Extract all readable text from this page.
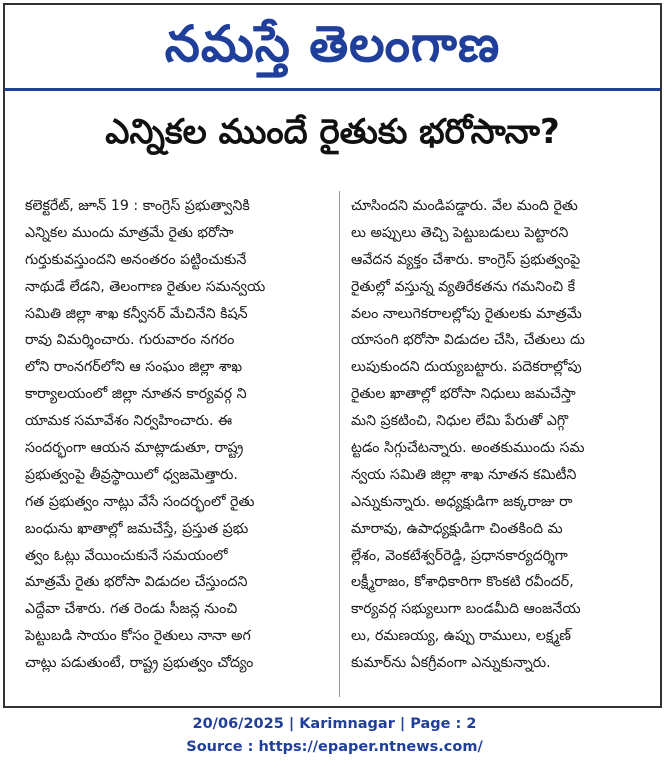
నమస్తే తెలంగాణ
ఎన్నికల ముందే రైతుకు భరోసానా?
కలెక్టరేట్, జూన్ 19 : కాంగ్రెస్ ప్రభుత్వానికి
ఎన్నికల ముందు మాత్రమే రైతు భరోసా
గుర్తుకువస్తుందని అనంతరం పట్టించుకునే
నాథుడే లేడని, తెలంగాణ రైతుల సమన్వయ
సమితి జిల్లా శాఖ కన్వీనర్ మేచినేని కిషన్
రావు విమర్శించారు. గురువారం నగరం
లోని రాంనగర్‌లోని ఆ సంఘం జిల్లా శాఖ
కార్యాలయంలో జిల్లా నూతన కార్యవర్గ ని
యామక సమావేశం నిర్వహించారు. ఈ
సందర్భంగా ఆయన మాట్లాడుతూ, రాష్ట్ర
ప్రభుత్వంపై తీవ్రస్థాయిలో ధ్వజమెత్తారు.
గత ప్రభుత్వం నాట్లు వేసే సందర్భంలో రైతు
బంధును ఖాతాల్లో జమచేస్తే, ప్రస్తుత ప్రభు
త్వం ఓట్లు వేయించుకునే సమయంలో
మాత్రమే రైతు భరోసా విడుదల చేస్తుందని
ఎద్దేవా చేశారు. గత రెండు సీజన్ల నుంచి
పెట్టుబడి సాయం కోసం రైతులు నానా అగ
చాట్లు పడుతుంటే, రాష్ట్ర ప్రభుత్వం చోద్యం
చూసిందని మండిపడ్డారు. వేల మంది రైతు
లు అప్పులు తెచ్చి పెట్టుబడులు పెట్టారని
ఆవేదన వ్యక్తం చేశారు. కాంగ్రెస్ ప్రభుత్వంపై
రైతుల్లో వస్తున్న వ్యతిరేకతను గమనించి కే
వలం నాలుగెకరాలల్లోపు రైతులకు మాత్రమే
యాసంగి భరోసా విడుదల చేసి, చేతులు దు
లుపుకుందని దుయ్యబట్టారు. పదెకరాల్లోపు
రైతుల ఖాతాల్లో భరోసా నిధులు జమచేస్తా
మని ప్రకటించి, నిధుల లేమి పేరుతో ఎగ్గొ
ట్టడం సిగ్గుచేటన్నారు. అంతకుముందు సమ
న్వయ సమితి జిల్లా శాఖ నూతన కమిటీని
ఎన్నుకున్నారు. అధ్యక్షుడిగా జక్కరాజు రా
మారావు, ఉపాధ్యక్షుడిగా చింతకింది మ
ల్లేశం, వెంకటేశ్వర్‌రెడ్డి, ప్రధానకార్యదర్శిగా
లక్ష్మీరాజం, కోశాధికారిగా కొంకటి రవీందర్,
కార్యవర్గ సభ్యులుగా బండమీది ఆంజనేయ
లు, రమణయ్య, ఉప్పు రాములు, లక్ష్మణ్
కుమార్‌ను ఏకగ్రీవంగా ఎన్నుకున్నారు.
20/06/2025 | Karimnagar | Page : 2
Source : https://epaper.ntnews.com/
